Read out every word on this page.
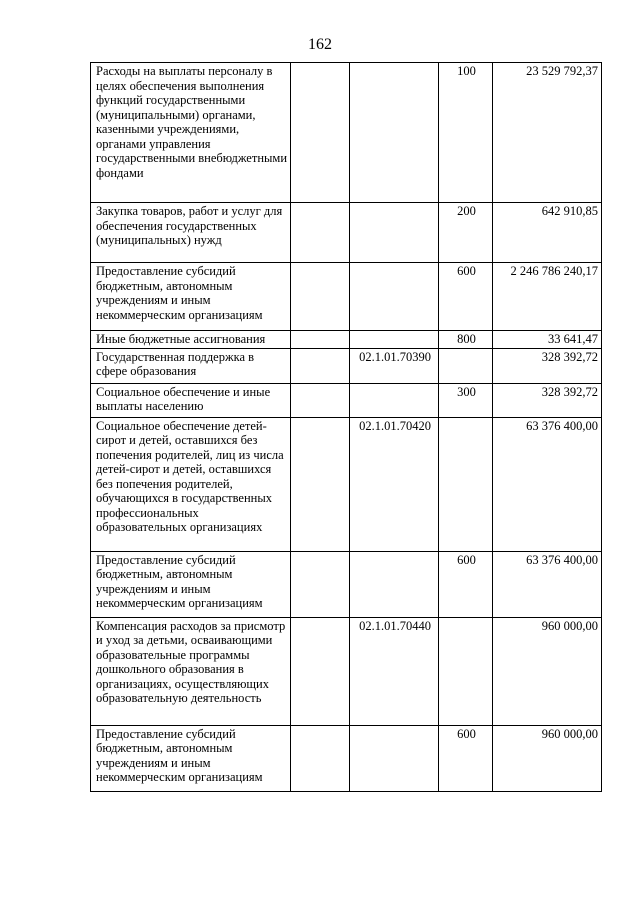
162
Расходы на выплаты персоналу в целях обеспечения выполнения функций государственными (муниципальными) органами, казенными учреждениями, органами управления государственными внебюджетными фондами			100	23 529 792,37
Закупка товаров, работ и услуг для обеспечения государственных (муниципальных) нужд			200	642 910,85
Предоставление субсидий бюджетным, автономным учреждениям и иным некоммерческим организациям			600	2 246 786 240,17
Иные бюджетные ассигнования			800	33 641,47
Государственная поддержка в сфере образования		02.1.01.70390		328 392,72
Социальное обеспечение и иные выплаты населению			300	328 392,72
Социальное обеспечение детей-сирот и детей, оставшихся без попечения родителей, лиц из числа детей-сирот и детей, оставшихся без попечения родителей, обучающихся в государственных профессиональных образовательных организациях		02.1.01.70420		63 376 400,00
Предоставление субсидий бюджетным, автономным учреждениям и иным некоммерческим организациям			600	63 376 400,00
Компенсация расходов за присмотр и уход за детьми, осваивающими образовательные программы дошкольного образования в организациях, осуществляющих образовательную деятельность		02.1.01.70440		960 000,00
Предоставление субсидий бюджетным, автономным учреждениям и иным некоммерческим организациям			600	960 000,00
